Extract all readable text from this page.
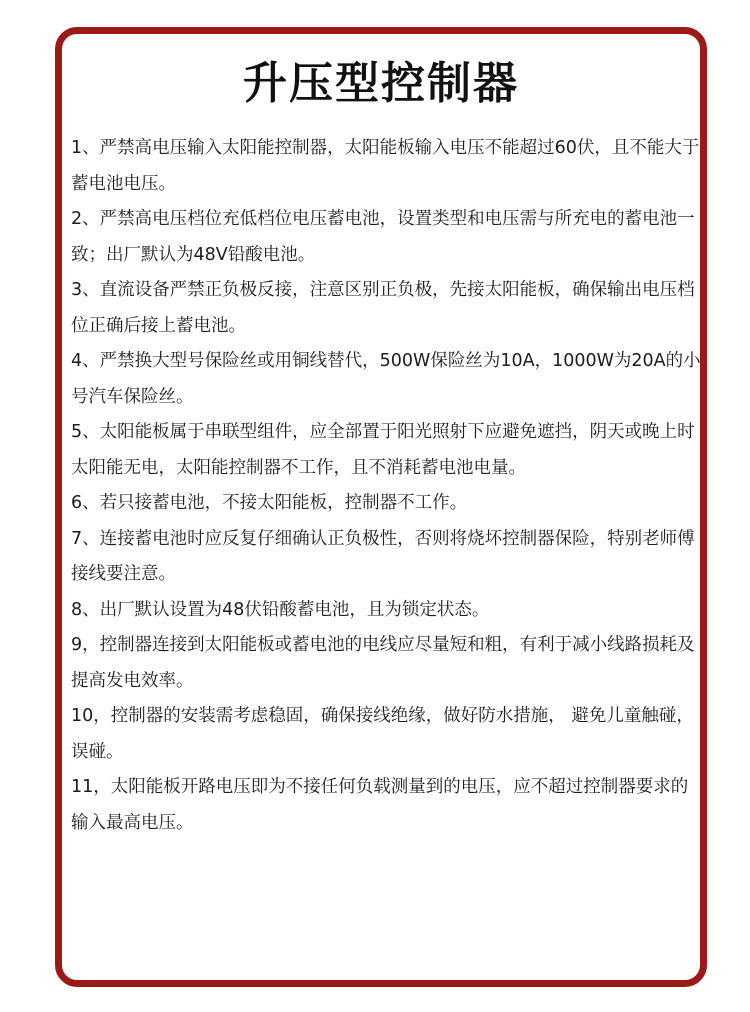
升压型控制器
1、严禁高电压输入太阳能控制器，太阳能板输入电压不能超过60伏，且不能大于蓄电池电压。
2、严禁高电压档位充低档位电压蓄电池，设置类型和电压需与所充电的蓄电池一致；出厂默认为48V铅酸电池。
3、直流设备严禁正负极反接，注意区别正负极，先接太阳能板，确保输出电压档位正确后接上蓄电池。
4、严禁换大型号保险丝或用铜线替代，500W保险丝为10A，1000W为20A的小号汽车保险丝。
5、太阳能板属于串联型组件，应全部置于阳光照射下应避免遮挡，阴天或晚上时太阳能无电，太阳能控制器不工作，且不消耗蓄电池电量。
6、若只接蓄电池，不接太阳能板，控制器不工作。
7、连接蓄电池时应反复仔细确认正负极性，否则将烧坏控制器保险，特别老师傅接线要注意。
8、出厂默认设置为48伏铅酸蓄电池，且为锁定状态。
9，控制器连接到太阳能板或蓄电池的电线应尽量短和粗，有利于减小线路损耗及提高发电效率。
10，控制器的安装需考虑稳固，确保接线绝缘，做好防水措施， 避免儿童触碰，误碰。
11，太阳能板开路电压即为不接任何负载测量到的电压，应不超过控制器要求的输入最高电压。
